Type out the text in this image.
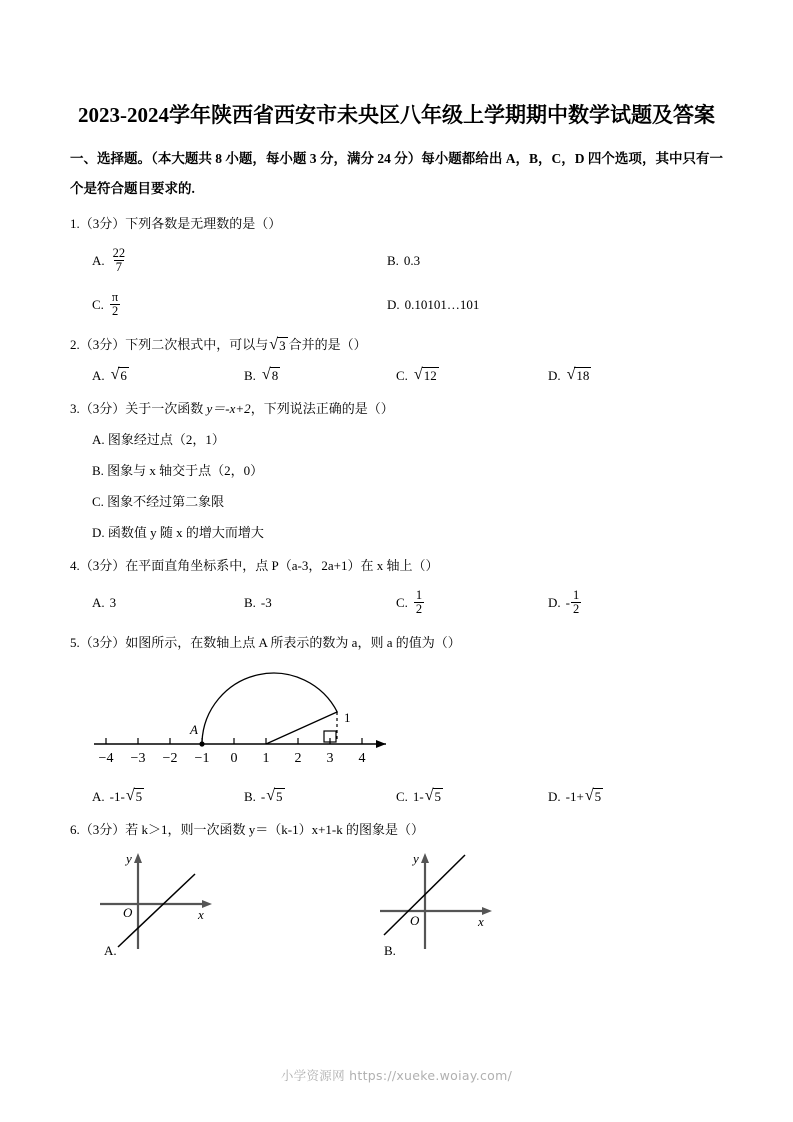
2023-2024学年陕西省西安市未央区八年级上学期期中数学试题及答案

一、选择题。（本大题共 8 小题，每小题 3 分，满分 24 分）每小题都给出 A，B，C，D 四个选项，其中只有一个是符合题目要求的.

1.（3分）下列各数是无理数的是（ ）
A. $\frac{22}{7}$	B. 0.3
C. $\frac{\pi}{2}$	D. 0.10101…101
2.（3分）下列二次根式中，可以与 √ 3 合并的是（ ）
A. √ 6	B. √ 8	C. √ 12	D. √ 18
3.（3分）关于一次函数 y＝-x+2，下列说法正确的是（ ）
A. 图象经过点（2，1）
B. 图象与 x 轴交于点（2，0）
C. 图象不经过第二象限
D. 函数值 y 随 x 的增大而增大
4.（3分）在平面直角坐标系中，点 P（a-3，2a+1）在 x 轴上（ ）
A. 3	B. -3	C. $\frac{1}{2}$	D. - $\frac{1}{2}$
5.（3分）如图所示，在数轴上点 A 所表示的数为 a，则 a 的值为（ ）
A
1
−4 −3 −2 −1 0 1 2 3 4
A. -1- √ 5	B. - √ 5	C. 1- √ 5	D. -1+ √ 5
6.（3分）若 k＞1，则一次函数 y＝（k-1）x+1-k 的图象是（ ）
O	x
y
A.
O	x
y
B.
小学资源网 https://xueke.woiay.com/
